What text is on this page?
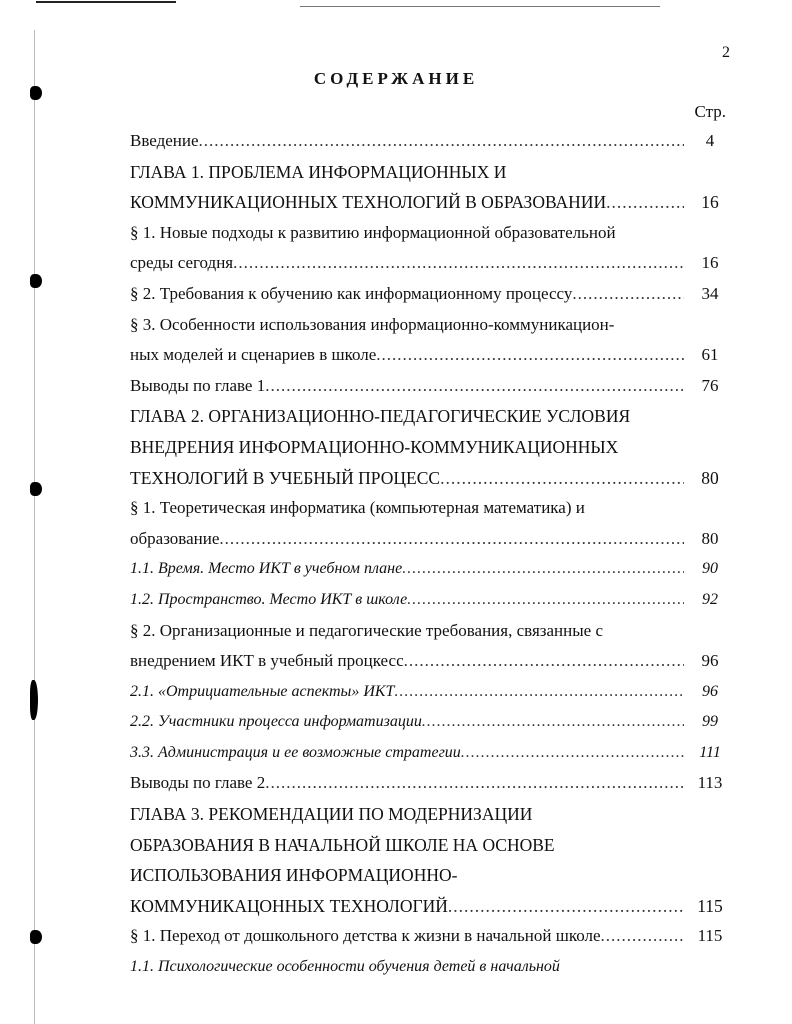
2
СОДЕРЖАНИЕ
Стр.
Введение .....	4
ГЛАВА 1. ПРОБЛЕМА ИНФОРМАЦИОННЫХ И
КОММУНИКАЦИОННЫХ ТЕХНОЛОГИЙ В ОБРАЗОВАНИИ .....	16
§ 1. Новые подходы к развитию информационной образовательной
среды сегодня .....	16
§ 2. Требования к обучению как информационному процессу .....	34
§ 3. Особенности использования информационно-коммуникацион-
ных моделей и сценариев в школе .....	61
Выводы по главе 1 .....	76
ГЛАВА 2. ОРГАНИЗАЦИОННО-ПЕДАГОГИЧЕСКИЕ УСЛОВИЯ
ВНЕДРЕНИЯ ИНФОРМАЦИОННО-КОММУНИКАЦИОННЫХ
ТЕХНОЛОГИЙ В УЧЕБНЫЙ ПРОЦЕСС .....	80
§ 1. Теоретическая информатика (компьютерная математика) и
образование .....	80
1.1. Время. Место ИКТ в учебном плане .....	90
1.2. Пространство. Место ИКТ в школе .....	92
§ 2. Организационные и педагогические требования, связанные с
внедрением ИКТ в учебный процкесс .....	96
2.1. «Отрициательные аспекты» ИКТ .....	96
2.2. Участники процесса информатизации .....	99
3.3. Администрация и ее возможные стратегии .....	111
Выводы по главе 2 .....	113
ГЛАВА 3. РЕКОМЕНДАЦИИ ПО МОДЕРНИЗАЦИИ
ОБРАЗОВАНИЯ В НАЧАЛЬНОЙ ШКОЛЕ НА ОСНОВЕ
ИСПОЛЬЗОВАНИЯ ИНФОРМАЦИОННО-
КОММУНИКАЦОННЫХ ТЕХНОЛОГИЙ .....	115
§ 1. Переход от дошкольного детства к жизни в начальной школе .....	115
1.1. Психологические особенности обучения детей в начальной
